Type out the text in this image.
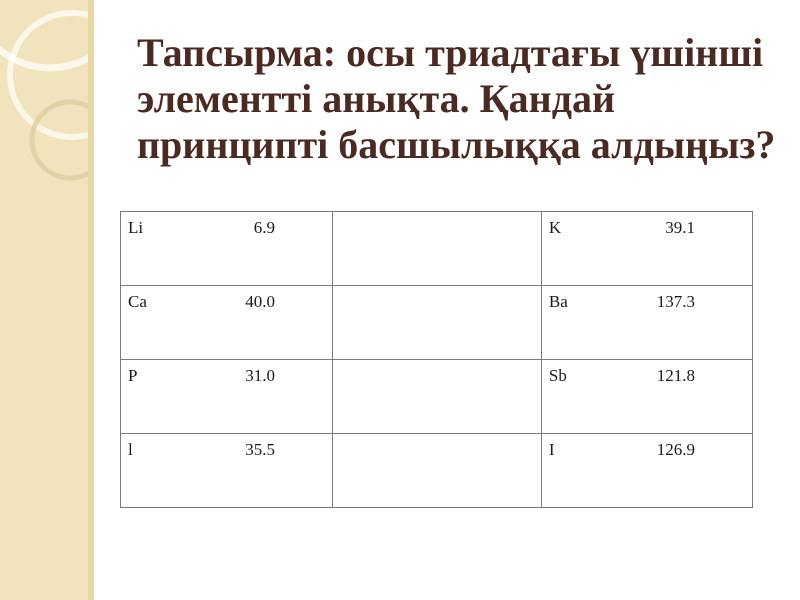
Тапсырма: осы триадтағы үшінші элементті анықта. Қандай принципті басшылыққа алдыңыз?
Li 6.9		K 39.1

Ca 40.0		Ba 137.3

P 31.0		Sb 121.8

l 35.5		I 126.9
